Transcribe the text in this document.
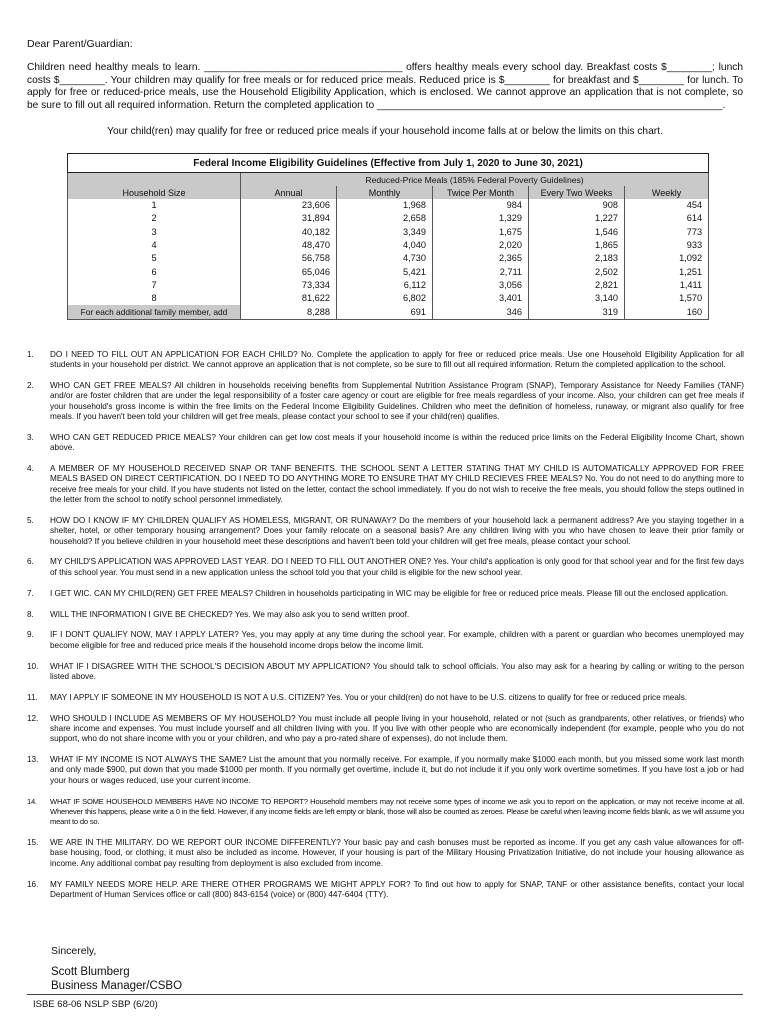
Dear Parent/Guardian:
Children need healthy meals to learn. ___________________________________ offers healthy meals every school day. Breakfast costs $________; lunch costs $________. Your children may qualify for free meals or for reduced price meals. Reduced price is $________ for breakfast and $________ for lunch. To apply for free or reduced-price meals, use the Household Eligibility Application, which is enclosed. We cannot approve an application that is not complete, so be sure to fill out all required information. Return the completed application to _____________________________________________________________.
Your child(ren) may qualify for free or reduced price meals if your household income falls at or below the limits on this chart.
Federal Income Eligibility Guidelines (Effective from July 1, 2020 to June 30, 2021)					
	Reduced-Price Meals (185% Federal Poverty Guidelines)				
Household Size	Annual	Monthly	Twice Per Month	Every Two Weeks	Weekly
1	23,606	1,968	984	908	454
2	31,894	2,658	1,329	1,227	614
3	40,182	3,349	1,675	1,546	773
4	48,470	4,040	2,020	1,865	933
5	56,758	4,730	2,365	2,183	1,092
6	65,046	5,421	2,711	2,502	1,251
7	73,334	6,112	3,056	2,821	1,411
8	81,622	6,802	3,401	3,140	1,570
For each additional family member, add	8,288	691	346	319	160
1. DO I NEED TO FILL OUT AN APPLICATION FOR EACH CHILD? No. Complete the application to apply for free or reduced price meals. Use one Household Eligibility Application for all students in your household per district. We cannot approve an application that is not complete, so be sure to fill out all required information. Return the completed application to the school.
2. WHO CAN GET FREE MEALS? All children in households receiving benefits from Supplemental Nutrition Assistance Program (SNAP), Temporary Assistance for Needy Families (TANF) and/or are foster children that are under the legal responsibility of a foster care agency or court are eligible for free meals regardless of your income. Also, your children can get free meals if your household's gross income is within the free limits on the Federal Income Eligibility Guidelines. Children who meet the definition of homeless, runaway, or migrant also qualify for free meals. If you haven't been told your children will get free meals, please contact your school to see if your child(ren) qualifies.
3. WHO CAN GET REDUCED PRICE MEALS? Your children can get low cost meals if your household income is within the reduced price limits on the Federal Eligibility Income Chart, shown above.
4. A MEMBER OF MY HOUSEHOLD RECEIVED SNAP OR TANF BENEFITS. THE SCHOOL SENT A LETTER STATING THAT MY CHILD IS AUTOMATICALLY APPROVED FOR FREE MEALS BASED ON DIRECT CERTIFICATION. DO I NEED TO DO ANYTHING MORE TO ENSURE THAT MY CHILD RECIEVES FREE MEALS? No. You do not need to do anything more to receive free meals for your child. If you have students not listed on the letter, contact the school immediately. If you do not wish to receive the free meals, you should follow the steps outlined in the letter from the school to notify school personnel immediately.
5. HOW DO I KNOW IF MY CHILDREN QUALIFY AS HOMELESS, MIGRANT, OR RUNAWAY? Do the members of your household lack a permanent address? Are you staying together in a shelter, hotel, or other temporary housing arrangement? Does your family relocate on a seasonal basis? Are any children living with you who have chosen to leave their prior family or household? If you believe children in your household meet these descriptions and haven't been told your children will get free meals, please contact your school.
6. MY CHILD'S APPLICATION WAS APPROVED LAST YEAR. DO I NEED TO FILL OUT ANOTHER ONE? Yes. Your child's application is only good for that school year and for the first few days of this school year. You must send in a new application unless the school told you that your child is eligible for the new school year.
7. I GET WIC. CAN MY CHILD(REN) GET FREE MEALS? Children in households participating in WIC may be eligible for free or reduced price meals. Please fill out the enclosed application.
8. WILL THE INFORMATION I GIVE BE CHECKED? Yes. We may also ask you to send written proof.
9. IF I DON'T QUALIFY NOW, MAY I APPLY LATER? Yes, you may apply at any time during the school year. For example, children with a parent or guardian who becomes unemployed may become eligible for free and reduced price meals if the household income drops below the income limit.
10. WHAT IF I DISAGREE WITH THE SCHOOL'S DECISION ABOUT MY APPLICATION? You should talk to school officials. You also may ask for a hearing by calling or writing to the person listed above.
11. MAY I APPLY IF SOMEONE IN MY HOUSEHOLD IS NOT A U.S. CITIZEN? Yes. You or your child(ren) do not have to be U.S. citizens to qualify for free or reduced price meals.
12. WHO SHOULD I INCLUDE AS MEMBERS OF MY HOUSEHOLD? You must include all people living in your household, related or not (such as grandparents, other relatives, or friends) who share income and expenses. You must include yourself and all children living with you. If you live with other people who are economically independent (for example, people who you do not support, who do not share income with you or your children, and who pay a pro-rated share of expenses), do not include them.
13. WHAT IF MY INCOME IS NOT ALWAYS THE SAME? List the amount that you normally receive. For example, if you normally make $1000 each month, but you missed some work last month and only made $900, put down that you made $1000 per month. If you normally get overtime, include it, but do not include it if you only work overtime sometimes. If you have lost a job or had your hours or wages reduced, use your current income.
14. WHAT IF SOME HOUSEHOLD MEMBERS HAVE NO INCOME TO REPORT? Household members may not receive some types of income we ask you to report on the application, or may not receive income at all. Whenever this happens, please write a 0 in the field. However, if any income fields are left empty or blank, those will also be counted as zeroes. Please be careful when leaving income fields blank, as we will assume you meant to do so.
15. WE ARE IN THE MILITARY. DO WE REPORT OUR INCOME DIFFERENTLY? Your basic pay and cash bonuses must be reported as income. If you get any cash value allowances for off-base housing, food, or clothing, it must also be included as income. However, if your housing is part of the Military Housing Privatization Initiative, do not include your housing allowance as income. Any additional combat pay resulting from deployment is also excluded from income.
16. MY FAMILY NEEDS MORE HELP. ARE THERE OTHER PROGRAMS WE MIGHT APPLY FOR? To find out how to apply for SNAP, TANF or other assistance benefits, contact your local Department of Human Services office or call (800) 843-6154 (voice) or (800) 447-6404 (TTY).
Sincerely,
Scott Blumberg
Business Manager/CSBO
ISBE 68-06 NSLP SBP (6/20)
